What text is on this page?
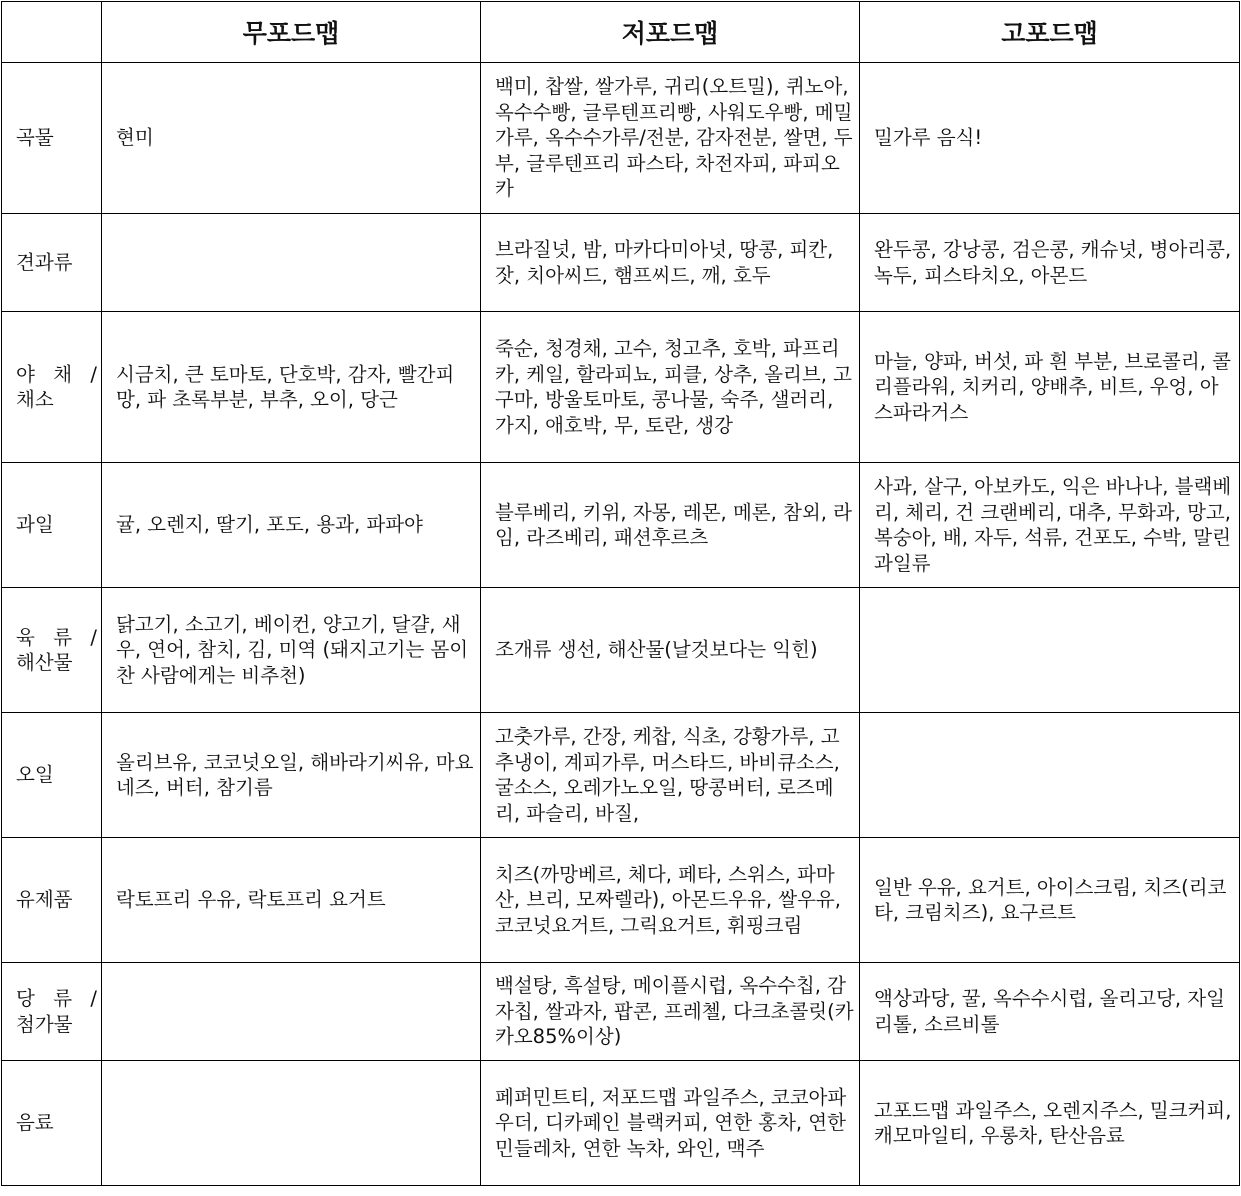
	무포드맵	저포드맵	고포드맵
곡물	현미	백미, 찹쌀, 쌀가루, 귀리(오트밀), 퀴노아, 옥수수빵, 글루텐프리빵, 사워도우빵, 메밀가루, 옥수수가루/전분, 감자전분, 쌀면, 두부, 글루텐프리 파스타, 차전자피, 파피오카	밀가루 음식!
견과류		브라질넛, 밤, 마카다미아넛, 땅콩, 피칸, 잣, 치아씨드, 햄프씨드, 깨, 호두	완두콩, 강낭콩, 검은콩, 캐슈넛, 병아리콩, 녹두, 피스타치오, 아몬드
야 채 / 채소	시금치, 큰 토마토, 단호박, 감자, 빨간피망, 파 초록부분, 부추, 오이, 당근	죽순, 청경채, 고수, 청고추, 호박, 파프리카, 케일, 할라피뇨, 피클, 상추, 올리브, 고구마, 방울토마토, 콩나물, 숙주, 샐러리, 가지, 애호박, 무, 토란, 생강	마늘, 양파, 버섯, 파 흰 부분, 브로콜리, 콜리플라워, 치커리, 양배추, 비트, 우엉, 아스파라거스
과일	귤, 오렌지, 딸기, 포도, 용과, 파파야	블루베리, 키위, 자몽, 레몬, 메론, 참외, 라임, 라즈베리, 패션후르츠	사과, 살구, 아보카도, 익은 바나나, 블랙베리, 체리, 건 크랜베리, 대추, 무화과, 망고, 복숭아, 배, 자두, 석류, 건포도, 수박, 말린과일류
육 류 / 해산물	닭고기, 소고기, 베이컨, 양고기, 달걀, 새우, 연어, 참치, 김, 미역 (돼지고기는 몸이 찬 사람에게는 비추천)	조개류 생선, 해산물(날것보다는 익힌)	
오일	올리브유, 코코넛오일, 해바라기씨유, 마요네즈, 버터, 참기름	고춧가루, 간장, 케찹, 식초, 강황가루, 고추냉이, 계피가루, 머스타드, 바비큐소스, 굴소스, 오레가노오일, 땅콩버터, 로즈메리, 파슬리, 바질,	
유제품	락토프리 우유, 락토프리 요거트	치즈(까망베르, 체다, 페타, 스위스, 파마산, 브리, 모짜렐라), 아몬드우유, 쌀우유, 코코넛요거트, 그릭요거트, 휘핑크림	일반 우유, 요거트, 아이스크림, 치즈(리코타, 크림치즈), 요구르트
당 류 / 첨가물		백설탕, 흑설탕, 메이플시럽, 옥수수칩, 감자칩, 쌀과자, 팝콘, 프레첼, 다크초콜릿(카카오85%이상)	액상과당, 꿀, 옥수수시럽, 올리고당, 자일리톨, 소르비톨
음료		페퍼민트티, 저포드맵 과일주스, 코코아파우더, 디카페인 블랙커피, 연한 홍차, 연한 민들레차, 연한 녹차, 와인, 맥주	고포드맵 과일주스, 오렌지주스, 밀크커피, 캐모마일티, 우롱차, 탄산음료
